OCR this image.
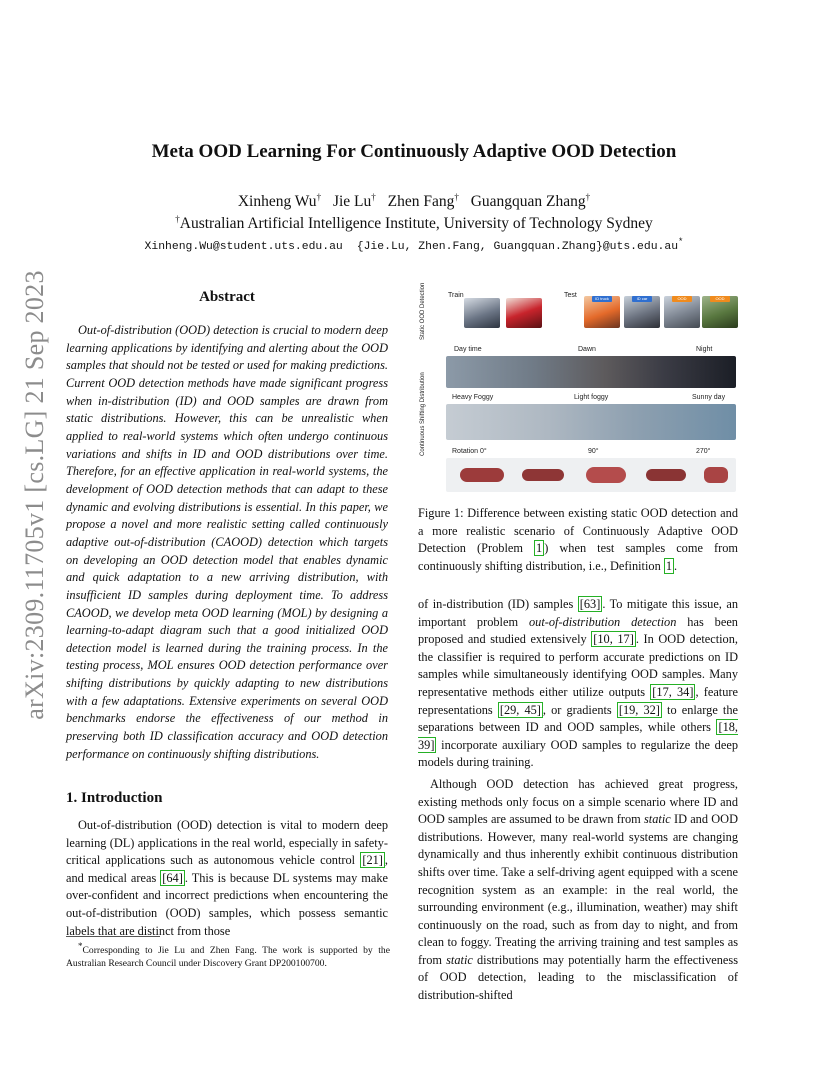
Meta OOD Learning For Continuously Adaptive OOD Detection
Xinheng Wu† Jie Lu† Zhen Fang† Guangquan Zhang†
†Australian Artificial Intelligence Institute, University of Technology Sydney
Xinheng.Wu@student.uts.edu.au {Jie.Lu, Zhen.Fang, Guangquan.Zhang}@uts.edu.au*
arXiv:2309.11705v1 [cs.LG] 21 Sep 2023	Abstract

Out-of-distribution (OOD) detection is crucial to modern deep learning applications by identifying and alerting about the OOD samples that should not be tested or used for making predictions. Current OOD detection methods have made significant progress when in-distribution (ID) and OOD samples are drawn from static distributions. However, this can be unrealistic when applied to real-world systems which often undergo continuous variations and shifts in ID and OOD distributions over time. Therefore, for an effective application in real-world systems, the development of OOD detection methods that can adapt to these dynamic and evolving distributions is essential. In this paper, we propose a novel and more realistic setting called continuously adaptive out-of-distribution (CAOOD) detection which targets on developing an OOD detection model that enables dynamic and quick adaptation to a new arriving distribution, with insufficient ID samples during deployment time. To address CAOOD, we develop meta OOD learning (MOL) by designing a learning-to-adapt diagram such that a good initialized OOD detection model is learned during the training process. In the testing process, MOL ensures OOD detection performance over shifting distributions by quickly adapting to new distributions with a few adaptations. Extensive experiments on several OOD benchmarks endorse the effectiveness of our method in preserving both ID classification accuracy and OOD detection performance on continuously shifting distributions.

1. Introduction

Out-of-distribution (OOD) detection is vital to modern deep learning (DL) applications in the real world, especially in safety-critical applications such as autonomous vehicle control [21] , and medical areas [64] . This is because DL systems may make over-confident and incorrect predictions when encountering the out-of-distribution (OOD) samples, which possess semantic labels that are distinct from those

*Corresponding to Jie Lu and Zhen Fang. The work is supported by the Australian Research Council under Discovery Grant DP200100700.
Static OOD Detection
Continuous Shifting Distribution
Train	Test	ID truck	ID car	OOD	OOD
Day time	Dawn	Night
Heavy Foggy	Light foggy	Sunny day
Rotation 0°	90°	270°

Figure 1: Difference between existing static OOD detection and a more realistic scenario of Continuously Adaptive OOD Detection (Problem 1 ) when test samples come from continuously shifting distribution, i.e., Definition 1 .

of in-distribution (ID) samples [63] . To mitigate this issue, an important problem out-of-distribution detection has been proposed and studied extensively [10, 17] . In OOD detection, the classifier is required to perform accurate predictions on ID samples while simultaneously identifying OOD samples. Many representative methods either utilize outputs [17, 34] , feature representations [29, 45] , or gradients [19, 32] to enlarge the separations between ID and OOD samples, while others [18, 39] incorporate auxiliary OOD samples to regularize the deep models during training.

Although OOD detection has achieved great progress, existing methods only focus on a simple scenario where ID and OOD samples are assumed to be drawn from static ID and OOD distributions. However, many real-world systems are changing dynamically and thus inherently exhibit continuous distribution shifts over time. Take a self-driving agent equipped with a scene recognition system as an example: in the real world, the surrounding environment (e.g., illumination, weather) may shift continuously on the road, such as from day to night, and from clean to foggy. Treating the arriving training and test samples as from static distributions may potentially harm the effectiveness of OOD detection, leading to the misclassification of distribution-shifted
